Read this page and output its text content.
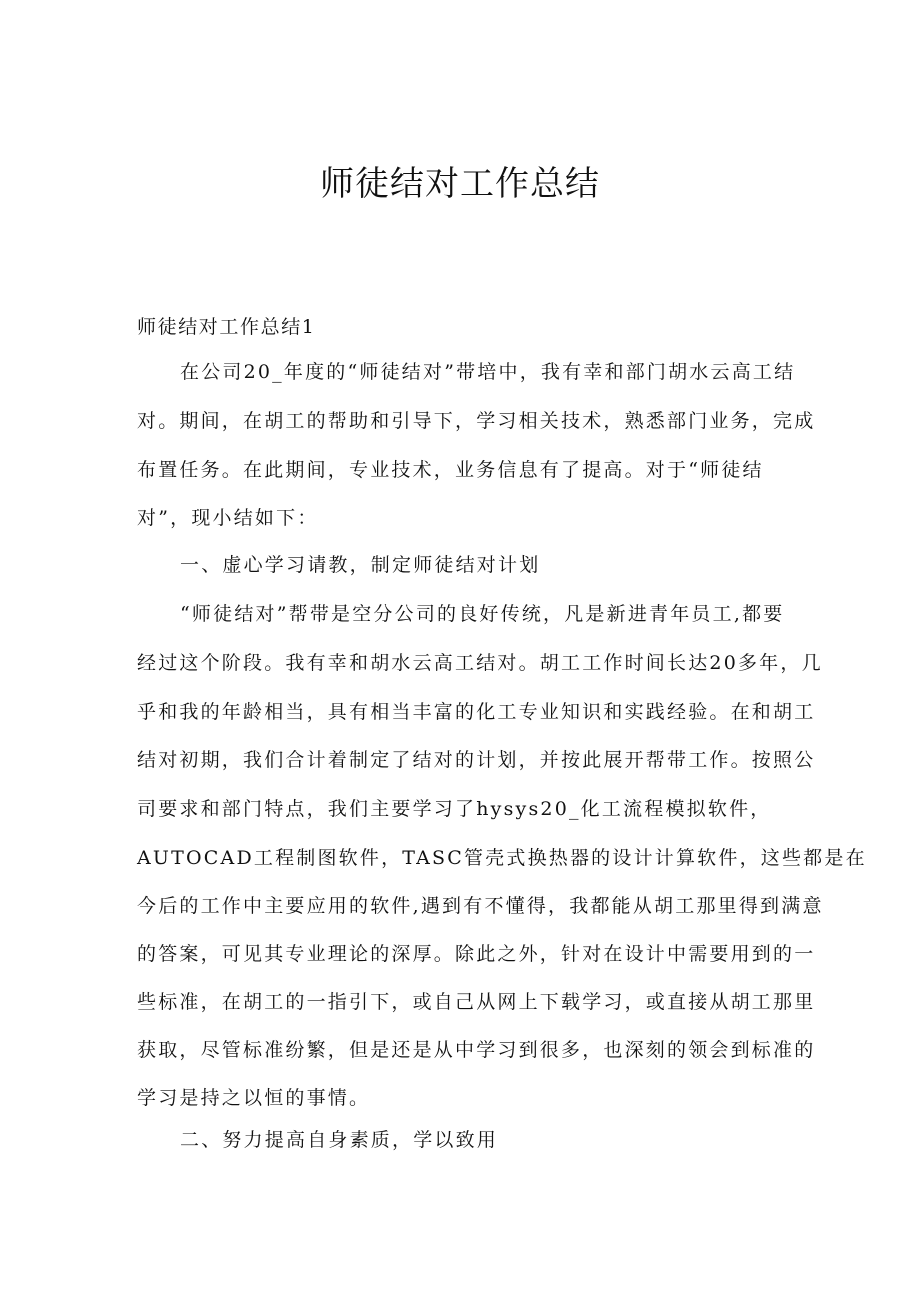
师徒结对工作总结
师徒结对工作总结1
在公司20_年度的“师徒结对”带培中，我有幸和部门胡水云高工结
对。期间，在胡工的帮助和引导下，学习相关技术，熟悉部门业务，完成
布置任务。在此期间，专业技术，业务信息有了提高。对于“师徒结
对”，现小结如下：
一、虚心学习请教，制定师徒结对计划
“师徒结对”帮带是空分公司的良好传统，凡是新进青年员工,都要
经过这个阶段。我有幸和胡水云高工结对。胡工工作时间长达20多年，几
乎和我的年龄相当，具有相当丰富的化工专业知识和实践经验。在和胡工
结对初期，我们合计着制定了结对的计划，并按此展开帮带工作。按照公
司要求和部门特点，我们主要学习了hysys20_化工流程模拟软件，
AUTOCAD工程制图软件，TASC管壳式换热器的设计计算软件，这些都是在
今后的工作中主要应用的软件,遇到有不懂得，我都能从胡工那里得到满意
的答案，可见其专业理论的深厚。除此之外，针对在设计中需要用到的一
些标准，在胡工的一指引下，或自己从网上下载学习，或直接从胡工那里
获取，尽管标准纷繁，但是还是从中学习到很多，也深刻的领会到标准的
学习是持之以恒的事情。
二、努力提高自身素质，学以致用
